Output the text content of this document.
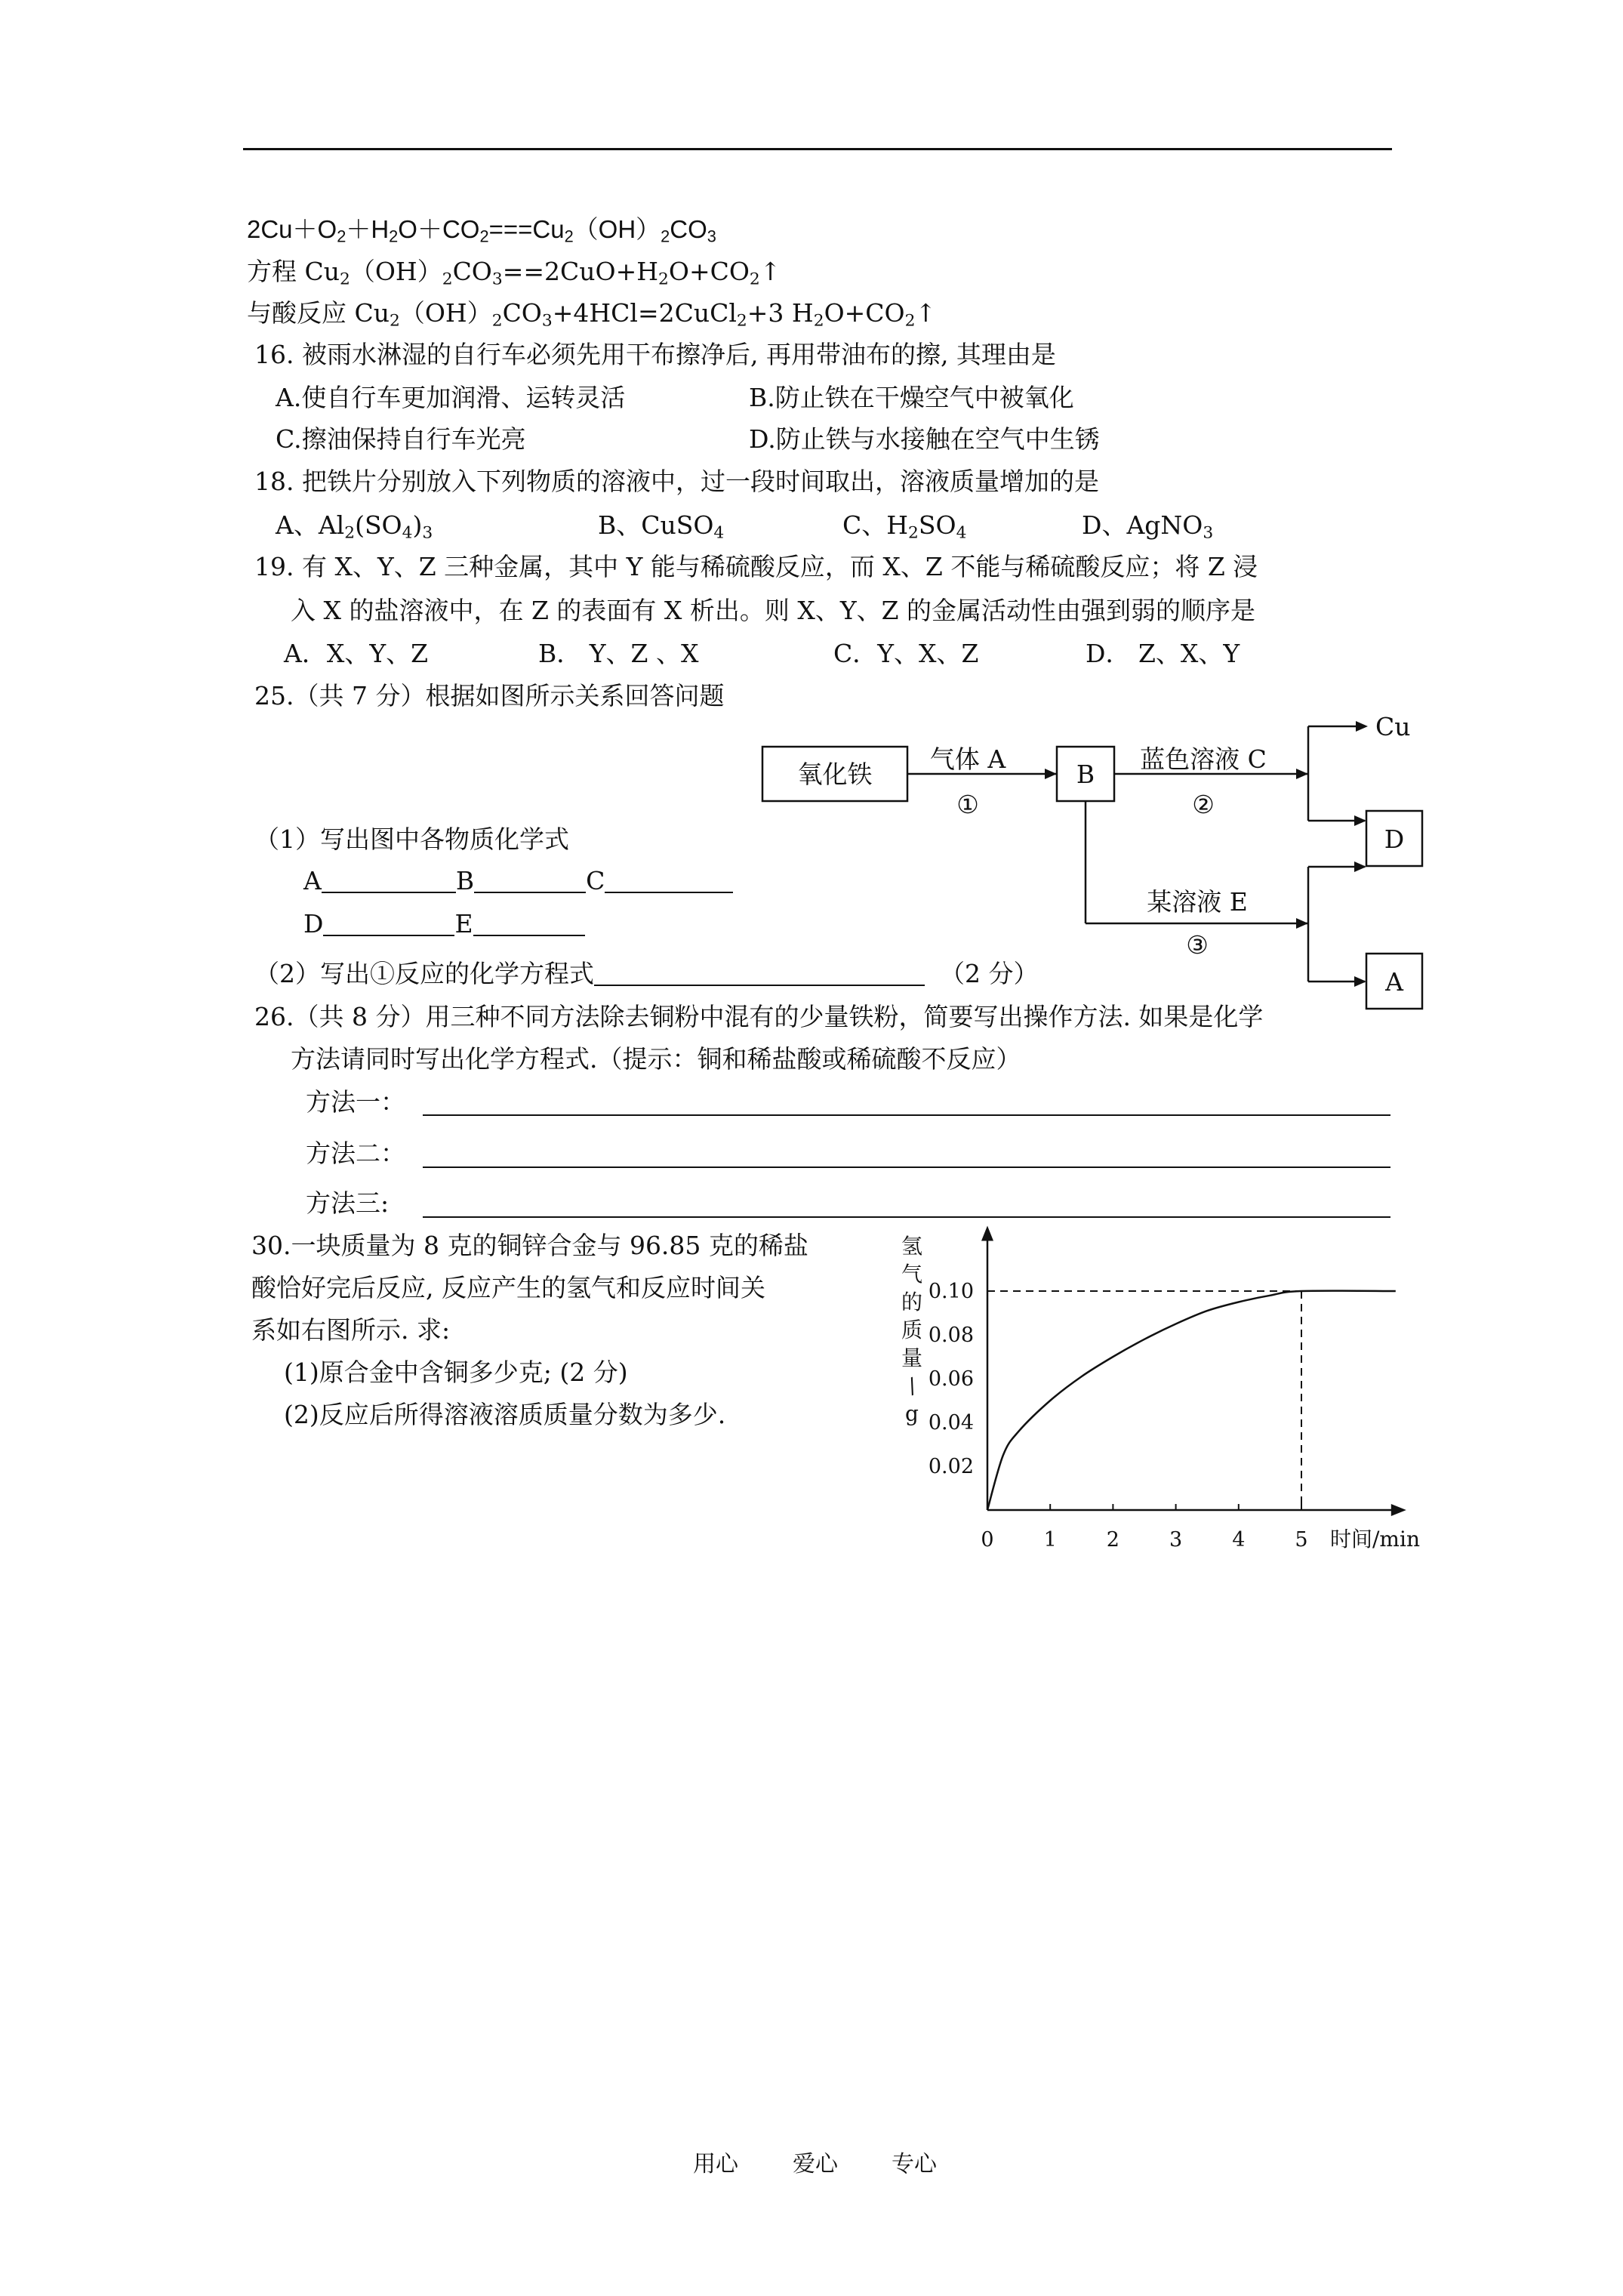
$2Cu+O_2+H_2O+CO_2===Cu_2(OH)_2CO_3$
方程 $Cu_2(OH)_2CO_3==2CuO+H_2O+CO_2↑$
与酸反应 $Cu_2(OH)_2CO_3+4HCl=2CuCl_2+3$ $H_2O+CO_2↑$
16. 被雨水淋湿的自行车必须先用干布擦净后, 再用带油布的擦, 其理由是
A.使自行车更加润滑、运转灵活	B.防止铁在干燥空气中被氧化
C.擦油保持自行车光亮	D.防止铁与水接触在空气中生锈
18. 把铁片分别放入下列物质的溶液中，过一段时间取出，溶液质量增加的是
A、$Al_2(SO_4)_3$	B、CuSO$_4$	C、$H_2SO_4$	D、AgNO$_3$
19. 有 X、Y、Z 三种金属，其中 Y 能与稀硫酸反应，而 X、Z 不能与稀硫酸反应；将 Z 浸
入 X 的盐溶液中，在 Z 的表面有 X 析出。则 X、Y、Z 的金属活动性由强到弱的顺序是
A．X、Y、Z	B． Y、Z 、X	C．Y、X、Z	D． Z、X、Y
25.（共 7 分）根据如图所示关系回答问题
氧化铁
气体 A
①
B
蓝色溶液 C
②
Cu
D
某溶液 E
③
A
（1）写出图中各物质化学式
A	B	C
D	E
（2）写出①反应的化学方程式	（2 分）
26.（共 8 分）用三种不同方法除去铜粉中混有的少量铁粉，简要写出操作方法. 如果是化学
方法请同时写出化学方程式.（提示：铜和稀盐酸或稀硫酸不反应）
方法一：
方法二：
方法三:
30.一块质量为 8 克的铜锌合金与 96.85 克的稀盐
酸恰好完后反应, 反应产生的氢气和反应时间关
系如右图所示. 求:
(1)原合金中含铜多少克; (2 分)
(2)反应后所得溶液溶质质量分数为多少.
氢
气
的
质
量
/
g
0.02
0.04
0.06
0.08
0.10
0 1 2 3 4 5 时间/min
用心 爱心 专心
